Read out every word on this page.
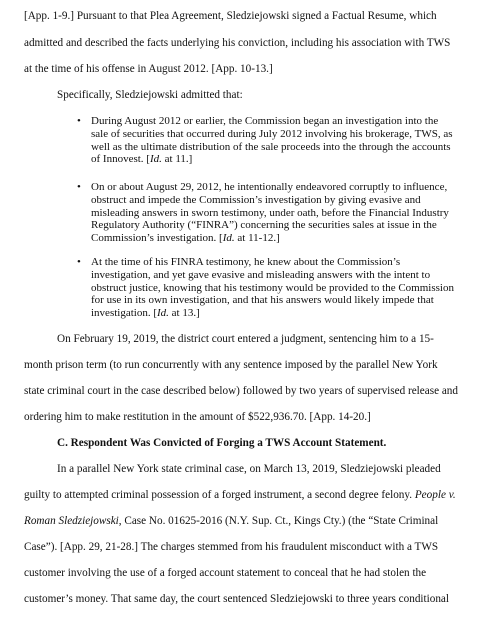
[App. 1-9.] Pursuant to that Plea Agreement, Sledziejowski signed a Factual Resume, which
admitted and described the facts underlying his conviction, including his association with TWS
at the time of his offense in August 2012. [App. 10-13.]
Specifically, Sledziejowski admitted that:
• During August 2012 or earlier, the Commission began an investigation into the
sale of securities that occurred during July 2012 involving his brokerage, TWS, as
well as the ultimate distribution of the sale proceeds into the through the accounts
of Innovest. [Id. at 11.]
• On or about August 29, 2012, he intentionally endeavored corruptly to influence,
obstruct and impede the Commission’s investigation by giving evasive and
misleading answers in sworn testimony, under oath, before the Financial Industry
Regulatory Authority (“FINRA”) concerning the securities sales at issue in the
Commission’s investigation. [Id. at 11-12.]
• At the time of his FINRA testimony, he knew about the Commission’s
investigation, and yet gave evasive and misleading answers with the intent to
obstruct justice, knowing that his testimony would be provided to the Commission
for use in its own investigation, and that his answers would likely impede that
investigation. [Id. at 13.]
On February 19, 2019, the district court entered a judgment, sentencing him to a 15-
month prison term (to run concurrently with any sentence imposed by the parallel New York
state criminal court in the case described below) followed by two years of supervised release and
ordering him to make restitution in the amount of $522,936.70. [App. 14-20.]
C. Respondent Was Convicted of Forging a TWS Account Statement.
In a parallel New York state criminal case, on March 13, 2019, Sledziejowski pleaded
guilty to attempted criminal possession of a forged instrument, a second degree felony. People v.
Roman Sledziejowski, Case No. 01625-2016 (N.Y. Sup. Ct., Kings Cty.) (the “State Criminal
Case”). [App. 29, 21-28.] The charges stemmed from his fraudulent misconduct with a TWS
customer involving the use of a forged account statement to conceal that he had stolen the
customer’s money. That same day, the court sentenced Sledziejowski to three years conditional
